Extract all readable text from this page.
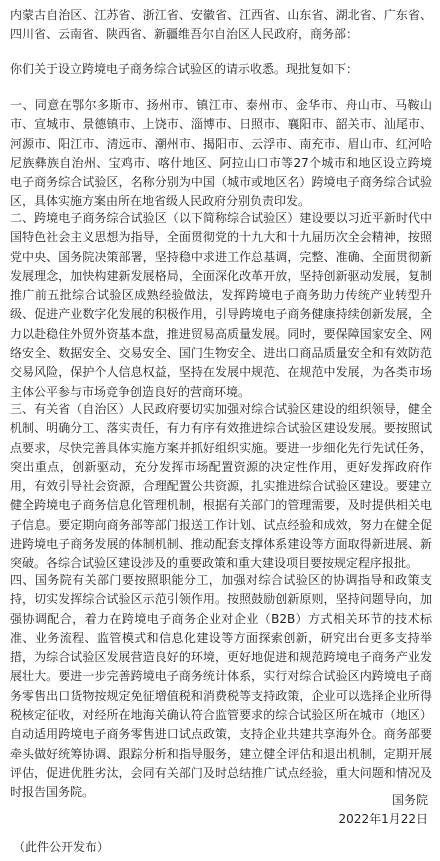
内蒙古自治区、江苏省、浙江省、安徽省、江西省、山东省、湖北省、广东省、四川省、云南省、陕西省、新疆维吾尔自治区人民政府，商务部：

你们关于设立跨境电子商务综合试验区的请示收悉。现批复如下：

一、同意在鄂尔多斯市、扬州市、镇江市、泰州市、金华市、舟山市、马鞍山市、宣城市、景德镇市、上饶市、淄博市、日照市、襄阳市、韶关市、汕尾市、河源市、阳江市、清远市、潮州市、揭阳市、云浮市、南充市、眉山市、红河哈尼族彝族自治州、宝鸡市、喀什地区、阿拉山口市等27个城市和地区设立跨境电子商务综合试验区，名称分别为中国（城市或地区名）跨境电子商务综合试验区，具体实施方案由所在地省级人民政府分别负责印发。

二、跨境电子商务综合试验区（以下简称综合试验区）建设要以习近平新时代中国特色社会主义思想为指导，全面贯彻党的十九大和十九届历次全会精神，按照党中央、国务院决策部署，坚持稳中求进工作总基调，完整、准确、全面贯彻新发展理念，加快构建新发展格局，全面深化改革开放，坚持创新驱动发展，复制推广前五批综合试验区成熟经验做法，发挥跨境电子商务助力传统产业转型升级、促进产业数字化发展的积极作用，引导跨境电子商务健康持续创新发展，全力以赴稳住外贸外资基本盘，推进贸易高质量发展。同时，要保障国家安全、网络安全、数据安全、交易安全、国门生物安全、进出口商品质量安全和有效防范交易风险，保护个人信息权益，坚持在发展中规范、在规范中发展，为各类市场主体公平参与市场竞争创造良好的营商环境。

三、有关省（自治区）人民政府要切实加强对综合试验区建设的组织领导，健全机制、明确分工、落实责任，有力有序有效推进综合试验区建设发展。要按照试点要求，尽快完善具体实施方案并抓好组织实施。要进一步细化先行先试任务，突出重点，创新驱动，充分发挥市场配置资源的决定性作用，更好发挥政府作用，有效引导社会资源，合理配置公共资源，扎实推进综合试验区建设。要建立健全跨境电子商务信息化管理机制，根据有关部门的管理需要，及时提供相关电子信息。要定期向商务部等部门报送工作计划、试点经验和成效，努力在健全促进跨境电子商务发展的体制机制、推动配套支撑体系建设等方面取得新进展、新突破。各综合试验区建设涉及的重要政策和重大建设项目要按规定程序报批。

四、国务院有关部门要按照职能分工，加强对综合试验区的协调指导和政策支持，切实发挥综合试验区示范引领作用。按照鼓励创新原则，坚持问题导向，加强协调配合，着力在跨境电子商务企业对企业（B2B）方式相关环节的技术标准、业务流程、监管模式和信息化建设等方面探索创新，研究出台更多支持举措，为综合试验区发展营造良好的环境，更好地促进和规范跨境电子商务产业发展壮大。要进一步完善跨境电子商务统计体系，实行对综合试验区内跨境电子商务零售出口货物按规定免征增值税和消费税等支持政策，企业可以选择企业所得税核定征收，对经所在地海关确认符合监管要求的综合试验区所在城市（地区）自动适用跨境电子商务零售进口试点政策，支持企业共建共享海外仓。商务部要牵头做好统筹协调、跟踪分析和指导服务，建立健全评估和退出机制，定期开展评估，促进优胜劣汰，会同有关部门及时总结推广试点经验，重大问题和情况及时报告国务院。

国务院
2022年1月22日
（此件公开发布）
